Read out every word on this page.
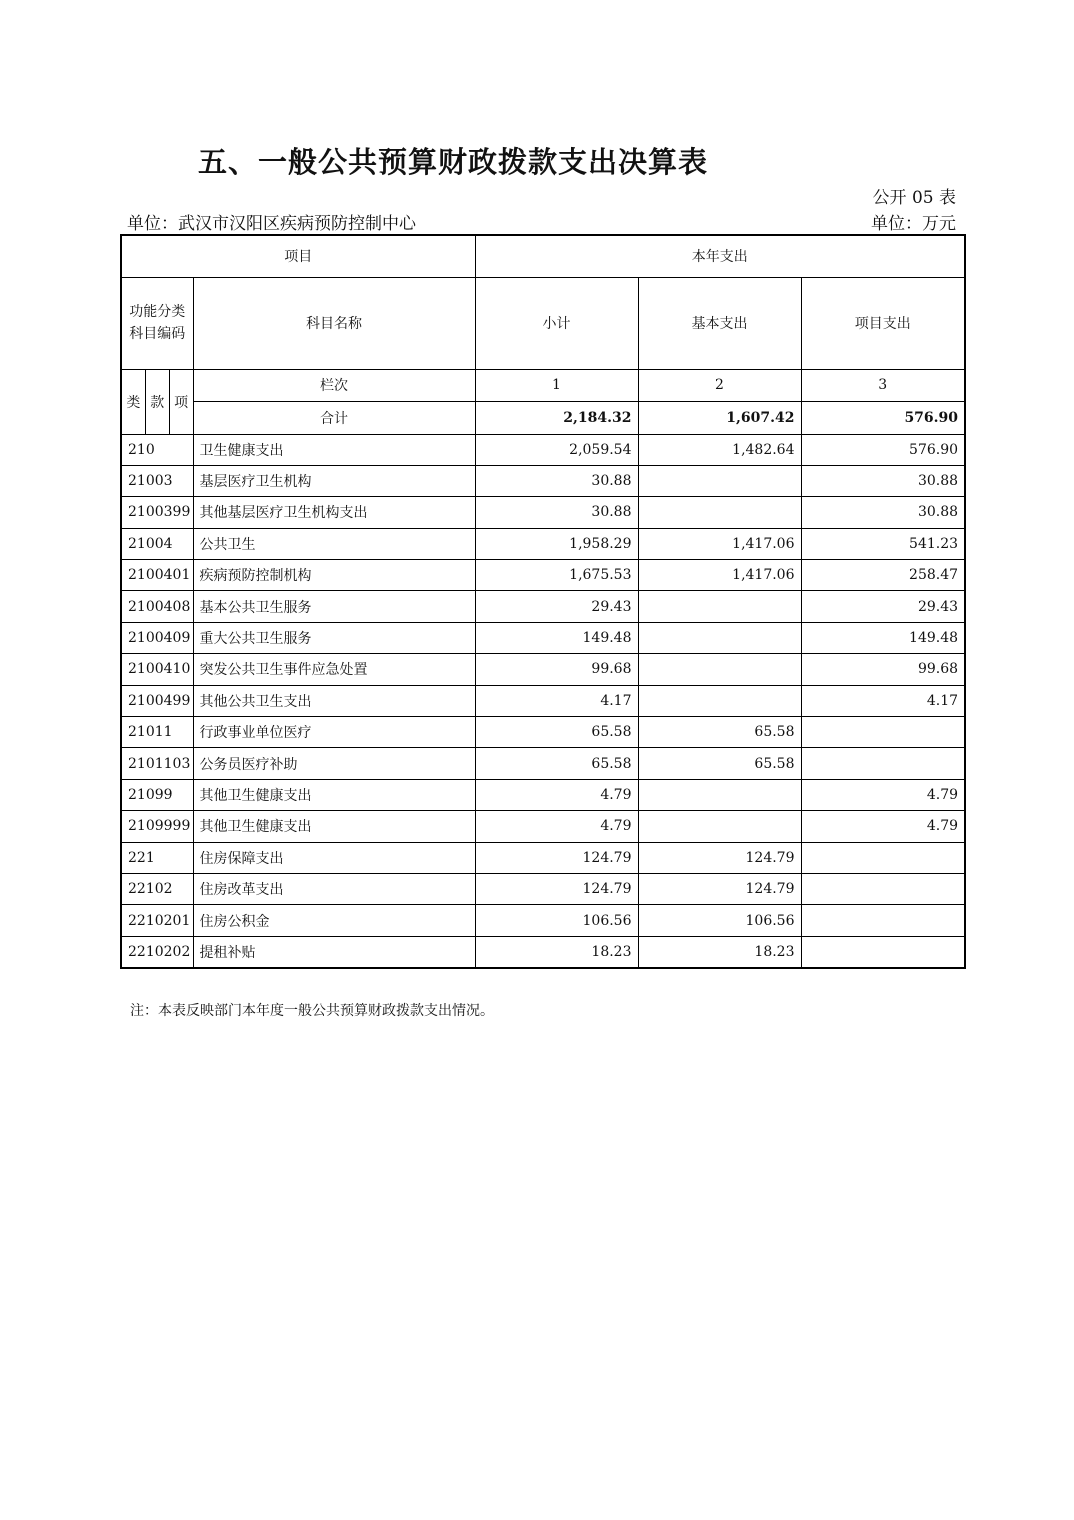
五、一般公共预算财政拨款支出决算表
公开 05 表
单位：武汉市汉阳区疾病预防控制中心	单位：万元
项目		本年支出		
功能分类科目编码	科目名称	小计	基本支出	项目支出

类 款 项	栏次	1	2	3
	合计	2,184.32	1,607.42	576.90
210	卫生健康支出	2,059.54	1,482.64	576.90
21003	基层医疗卫生机构	30.88		30.88
2100399	其他基层医疗卫生机构支出	30.88		30.88
21004	公共卫生	1,958.29	1,417.06	541.23
2100401	疾病预防控制机构	1,675.53	1,417.06	258.47
2100408	基本公共卫生服务	29.43		29.43
2100409	重大公共卫生服务	149.48		149.48
2100410	突发公共卫生事件应急处置	99.68		99.68
2100499	其他公共卫生支出	4.17		4.17
21011	行政事业单位医疗	65.58	65.58	
2101103	公务员医疗补助	65.58	65.58	
21099	其他卫生健康支出	4.79		4.79
2109999	其他卫生健康支出	4.79		4.79
221	住房保障支出	124.79	124.79	
22102	住房改革支出	124.79	124.79	
2210201	住房公积金	106.56	106.56	
2210202	提租补贴	18.23	18.23	
注：本表反映部门本年度一般公共预算财政拨款支出情况。
